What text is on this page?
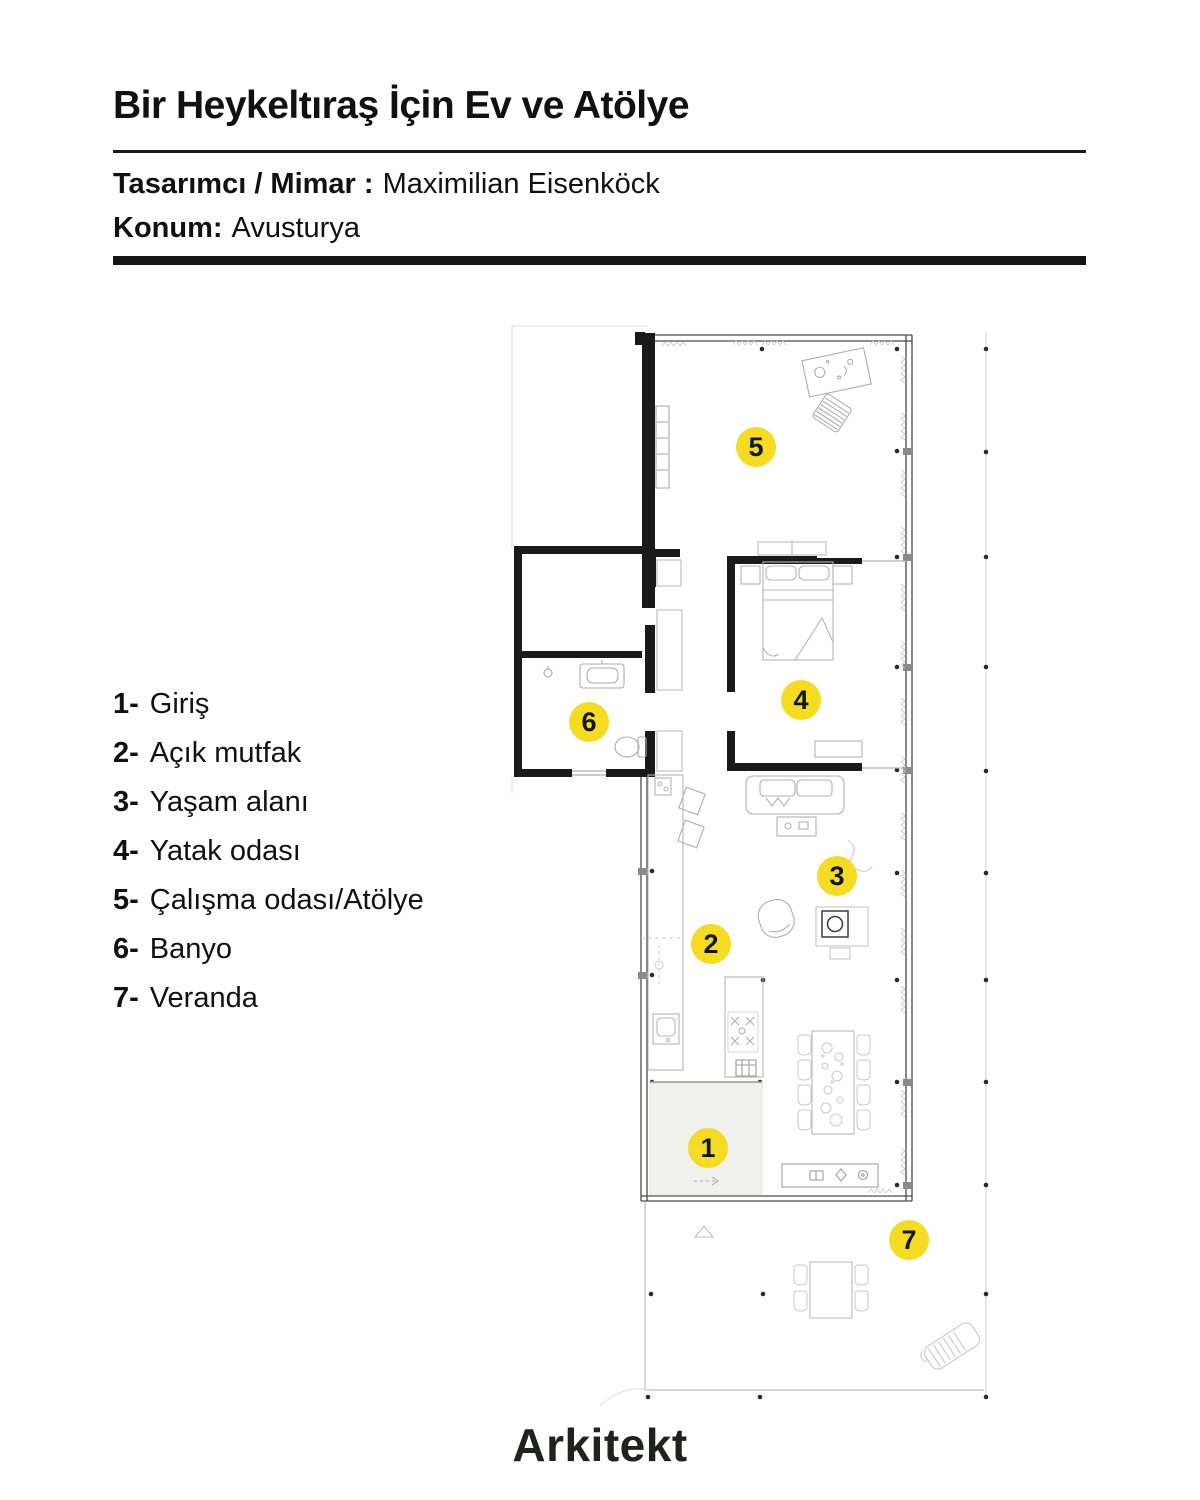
Bir Heykeltıraş İçin Ev ve Atölye
Tasarımcı / Mimar : Maximilian Eisenköck
Konum: Avusturya
1- Giriş
2- Açık mutfak
3- Yaşam alanı
4- Yatak odası
5- Çalışma odası/Atölye
6- Banyo
7- Veranda
1
2
3
4
5
6
7
Arkitekt
